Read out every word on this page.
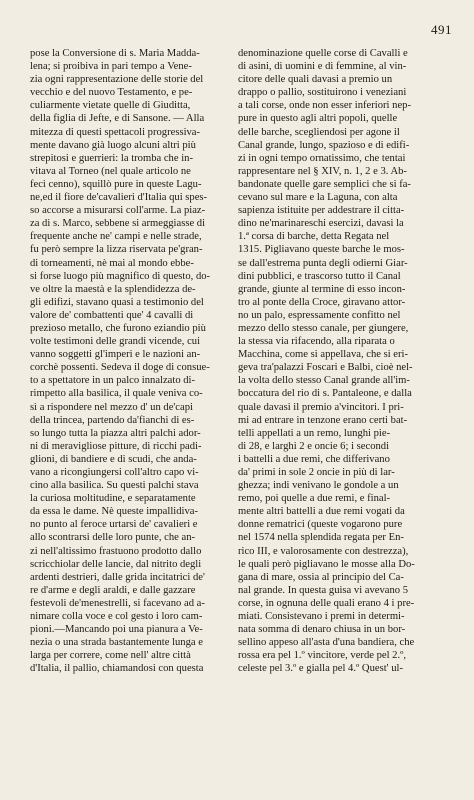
491
pose la Conversione di s. Maria Madda-
lena; si proibiva in pari tempo a Vene-
zia ogni rappresentazione delle storie del
vecchio e del nuovo Testamento, e pe-
culiarmente vietate quelle di Giuditta,
della figlia di Jefte, e di Sansone. — Alla
mitezza di questi spettacoli progressiva-
mente davano già luogo alcuni altri più
strepitosi e guerrieri: la tromba che in-
vitava al Torneo (nel quale articolo ne
feci cenno), squillò pure in queste Lagu-
ne,ed il fiore de'cavalieri d'Italia qui spes-
so accorse a misurarsi coll'arme. La piaz-
za di s. Marco, sebbene si armeggiasse di
frequente anche ne' campi e nelle strade,
fu però sempre la lizza riservata pe'gran-
di torneamenti, nè mai al mondo ebbe-
si forse luogo più magnifico di questo, do-
ve oltre la maestà e la splendidezza de-
gli edifizi, stavano quasi a testimonio del
valore de' combattenti que' 4 cavalli di
prezioso metallo, che furono eziandio più
volte testimoni delle grandi vicende, cui
vanno soggetti gl'imperi e le nazioni an-
corchè possenti. Sedeva il doge di consue-
to a spettatore in un palco innalzato di-
rimpetto alla basilica, il quale veniva co-
sì a rispondere nel mezzo d' un de'capi
della trincea, partendo da'fianchi di es-
so lungo tutta la piazza altri palchi ador-
ni di meravigliose pitture, di ricchi padi-
glioni, di bandiere e di scudi, che anda-
vano a ricongiungersi coll'altro capo vi-
cino alla basilica. Su questi palchi stava
la curiosa moltitudine, e separatamente
da essa le dame. Nè queste impallidiva-
no punto al feroce urtarsi de' cavalieri e
allo scontrarsi delle loro punte, che an-
zi nell'altissimo frastuono prodotto dallo
scricchiolar delle lancie, dal nitrito degli
ardenti destrieri, dalle grida incitatrici de'
re d'arme e degli araldi, e dalle gazzare
festevoli de'menestrelli, si facevano ad a-
nimare colla voce e col gesto i loro cam-
pioni.—Mancando poi una pianura a Ve-
nezia o una strada bastantemente lunga e
larga per correre, come nell' altre città
d'Italia, il pallio, chiamandosi con questa
denominazione quelle corse di Cavalli e
di asini, di uomini e di femmine, al vin-
citore delle quali davasi a premio un
drappo o pallio, sostituirono i veneziani
a tali corse, onde non esser inferiori nep-
pure in questo agli altri popoli, quelle
delle barche, scegliendosi per agone il
Canal grande, lungo, spazioso e di edifi-
zi in ogni tempo ornatissimo, che tentai
rappresentare nel § XIV, n. 1, 2 e 3. Ab-
bandonate quelle gare semplici che si fa-
cevano sul mare e la Laguna, con alta
sapienza istituite per addestrare il citta-
dino ne'marinareschi esercizi, davasi la
1.ª corsa di barche, detta Regata nel
1315. Pigliavano queste barche le mos-
se dall'estrema punta degli odierni Giar-
dini pubblici, e trascorso tutto il Canal
grande, giunte al termine di esso incon-
tro al ponte della Croce, giravano attor-
no un palo, espressamente confitto nel
mezzo dello stesso canale, per giungere,
la stessa via rifacendo, alla riparata o
Macchina, come si appellava, che si eri-
geva tra'palazzi Foscari e Balbi, cioè nel-
la volta dello stesso Canal grande all'im-
boccatura del rio di s. Pantaleone, e dalla
quale davasi il premio a'vincitori. I pri-
mi ad entrare in tenzone erano certi bat-
telli appellati a un remo, lunghi pie-
di 28, e larghi 2 e oncie 6; i secondi
i battelli a due remi, che differivano
da' primi in sole 2 oncie in più di lar-
ghezza; indi venivano le gondole a un
remo, poi quelle a due remi, e final-
mente altri battelli a due remi vogati da
donne rematrici (queste vogarono pure
nel 1574 nella splendida regata per En-
rico III, e valorosamente con destrezza),
le quali però pigliavano le mosse alla Do-
gana di mare, ossia al principio del Ca-
nal grande. In questa guisa vi avevano 5
corse, in ognuna delle quali erano 4 i pre-
miati. Consistevano i premi in determi-
nata somma di denaro chiusa in un bor-
sellino appeso all'asta d'una bandiera, che
rossa era pel 1.º vincitore, verde pel 2.º,
celeste pel 3.º e gialla pel 4.º Quest' ul-
